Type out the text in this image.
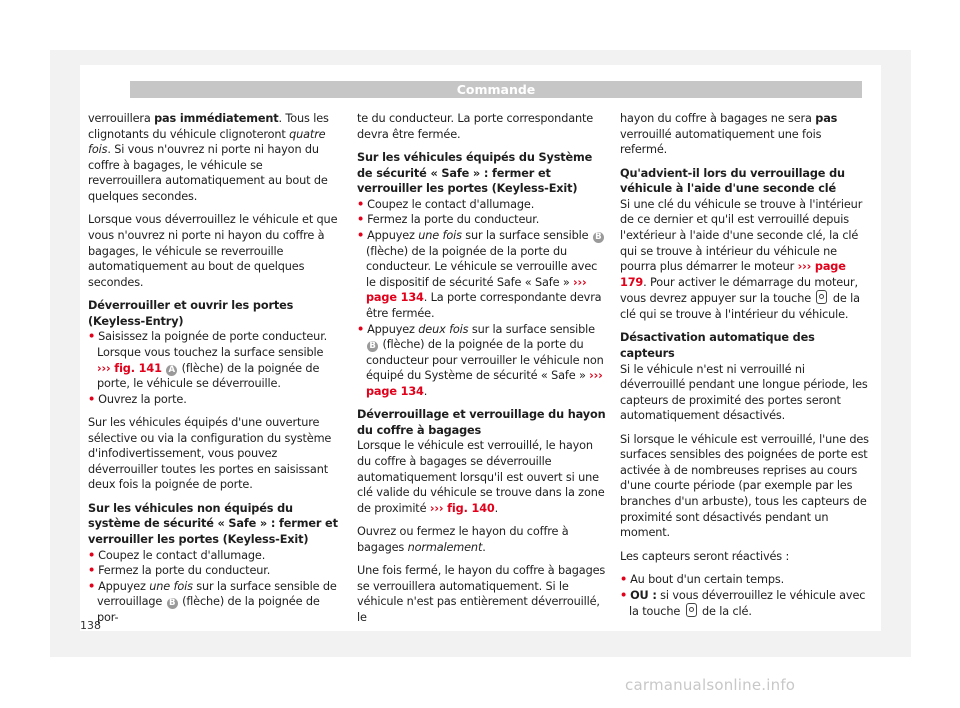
Commande

verrouillera pas immédiatement. Tous les clignotants du véhicule clignoteront quatre fois. Si vous n'ouvrez ni porte ni hayon du coffre à bagages, le véhicule se reverrouillera automatiquement au bout de quelques secondes.

Lorsque vous déverrouillez le véhicule et que vous n'ouvrez ni porte ni hayon du coffre à bagages, le véhicule se reverrouille automatiquement au bout de quelques secondes.

Déverrouiller et ouvrir les portes (Keyless-Entry)

• Saisissez la poignée de porte conducteur. Lorsque vous touchez la surface sensible ››› fig. 141 A (flèche) de la poignée de porte, le véhicule se déverrouille.

• Ouvrez la porte.

Sur les véhicules équipés d'une ouverture sélective ou via la configuration du système d'infodivertissement, vous pouvez déverrouiller toutes les portes en saisissant deux fois la poignée de porte.

Sur les véhicules non équipés du système de sécurité « Safe » : fermer et verrouiller les portes (Keyless-Exit)

• Coupez le contact d'allumage.

• Fermez la porte du conducteur.

• Appuyez une fois sur la surface sensible de verrouillage B (flèche) de la poignée de por-

te du conducteur. La porte correspondante devra être fermée.

Sur les véhicules équipés du Système de sécurité « Safe » : fermer et verrouiller les portes (Keyless-Exit)

• Coupez le contact d'allumage.

• Fermez la porte du conducteur.

• Appuyez une fois sur la surface sensible B (flèche) de la poignée de la porte du conducteur. Le véhicule se verrouille avec le dispositif de sécurité Safe « Safe » ››› page 134. La porte correspondante devra être fermée.

• Appuyez deux fois sur la surface sensible B (flèche) de la poignée de la porte du conducteur pour verrouiller le véhicule non équipé du Système de sécurité « Safe » ››› page 134.

Déverrouillage et verrouillage du hayon du coffre à bagages

Lorsque le véhicule est verrouillé, le hayon du coffre à bagages se déverrouille automatiquement lorsqu'il est ouvert si une clé valide du véhicule se trouve dans la zone de proximité ››› fig. 140.

Ouvrez ou fermez le hayon du coffre à bagages normalement.

Une fois fermé, le hayon du coffre à bagages se verrouillera automatiquement. Si le véhicule n'est pas entièrement déverrouillé, le

hayon du coffre à bagages ne sera pas verrouillé automatiquement une fois refermé.

Qu'advient-il lors du verrouillage du véhicule à l'aide d'une seconde clé

Si une clé du véhicule se trouve à l'intérieur de ce dernier et qu'il est verrouillé depuis l'extérieur à l'aide d'une seconde clé, la clé qui se trouve à intérieur du véhicule ne pourra plus démarrer le moteur ››› page 179. Pour activer le démarrage du moteur, vous devrez appuyer sur la touche  de la clé qui se trouve à l'intérieur du véhicule.

Désactivation automatique des capteurs

Si le véhicule n'est ni verrouillé ni déverrouillé pendant une longue période, les capteurs de proximité des portes seront automatiquement désactivés.

Si lorsque le véhicule est verrouillé, l'une des surfaces sensibles des poignées de porte est activée à de nombreuses reprises au cours d'une courte période (par exemple par les branches d'un arbuste), tous les capteurs de proximité sont désactivés pendant un moment.

Les capteurs seront réactivés :

• Au bout d'un certain temps.

• OU : si vous déverrouillez le véhicule avec la touche  de la clé.

138
carmanualsonline.info
